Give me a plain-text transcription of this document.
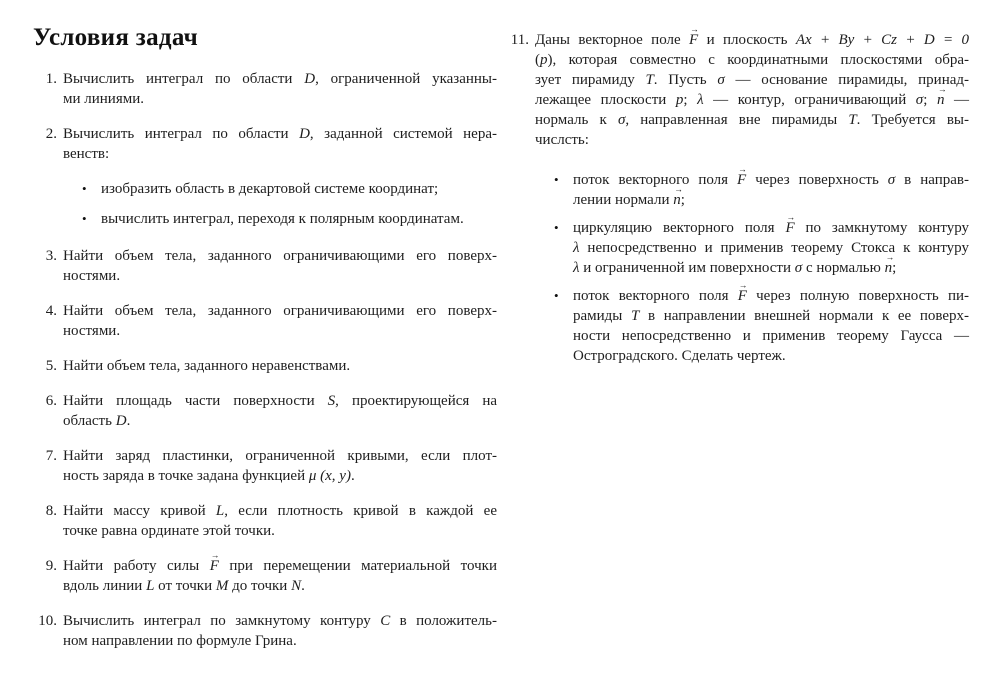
Условия задач
1. Вычислить интеграл по области D, ограниченной указанны-
ми линиями.
2. Вычислить интеграл по области D, заданной системой нера-
венств:
• изобразить область в декартовой системе координат;
• вычислить интеграл, переходя к полярным координатам.
3. Найти объем тела, заданного ограничивающими его поверх-
ностями.
4. Найти объем тела, заданного ограничивающими его поверх-
ностями.
5. Найти объем тела, заданного неравенствами.
6. Найти площадь части поверхности S, проектирующейся на
область D.
7. Найти заряд пластинки, ограниченной кривыми, если плот-
ность заряда в точке задана функцией μ (x, y).
8. Найти массу кривой L, если плотность кривой в каждой ее
точке равна ординате этой точки.
9. Найти работу силы F → при перемещении материальной точки
вдоль линии L от точки M до точки N.
10. Вычислить интеграл по замкнутому контуру C в положитель-
ном направлении по формуле Грина.
11. Даны векторное поле F → и плоскость Ax + By + Cz + D = 0
(p), которая совместно с координатными плоскостями обра-
зует пирамиду T. Пусть σ — основание пирамиды, принад-
лежащее плоскости p; λ — контур, ограничивающий σ; n → —
нормаль к σ, направленная вне пирамиды T. Требуется вы-
числсть:
• поток векторного поля F → через поверхность σ в направ-
лении нормали n →;
• циркуляцию векторного поля F → по замкнутому контуру
λ непосредственно и применив теорему Стокса к контуру
λ и ограниченной им поверхности σ с нормалью n →;
• поток векторного поля F → через полную поверхность пи-
рамиды T в направлении внешней нормали к ее поверх-
ности непосредственно и применив теорему Гаусса —
Остроградского. Сделать чертеж.
